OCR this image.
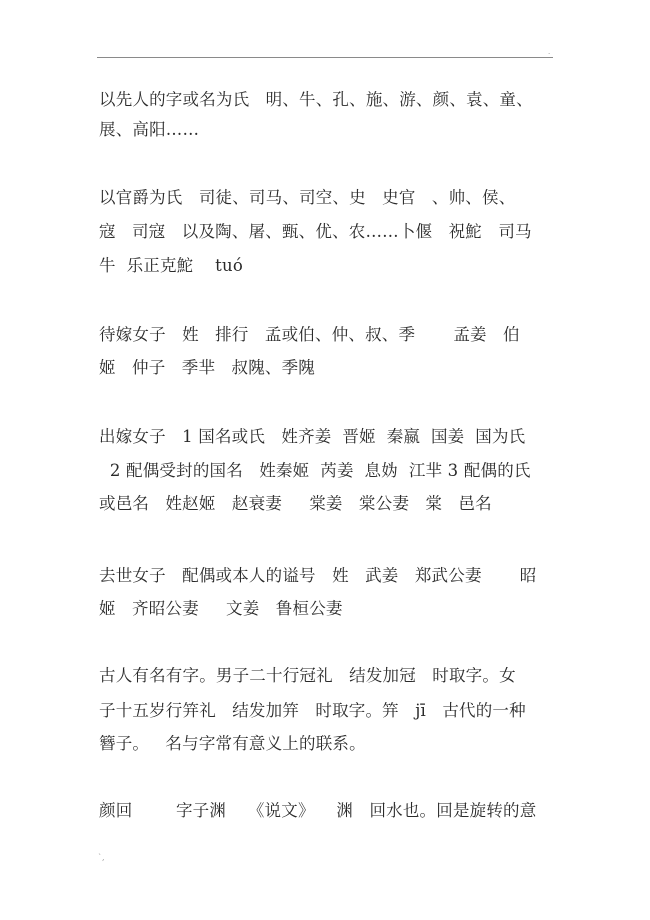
.
以先人的字或名为氏   明、牛、孔、施、游、颜、袁、童、
展、高阳……
以官爵为氏   司徒、司马、司空、史   史官   、帅、侯、
寇   司寇   以及陶、屠、甄、优、农……卜偃   祝鮀   司马
牛  乐正克鮀    tuó
待嫁女子   姓   排行   孟或伯、仲、叔、季       孟姜   伯
姬   仲子   季芈   叔隗、季隗
出嫁女子   1 国名或氏   姓齐姜  晋姬  秦嬴  国姜  国为氏
2 配偶受封的国名   姓秦姬  芮姜  息妫  江芈 3 配偶的氏
或邑名   姓赵姬   赵衰妻     棠姜   棠公妻   棠   邑名
去世女子   配偶或本人的谥号   姓   武姜   郑武公妻       昭
姬   齐昭公妻     文姜   鲁桓公妻
古人有名有字。男子二十行冠礼   结发加冠   时取字。女
子十五岁行笄礼   结发加笄   时取字。笄   jī   古代的一种
簪子。   名与字常有意义上的联系。
颜回        字子渊    《说文》    渊   回水也。回是旋转的意
`,
